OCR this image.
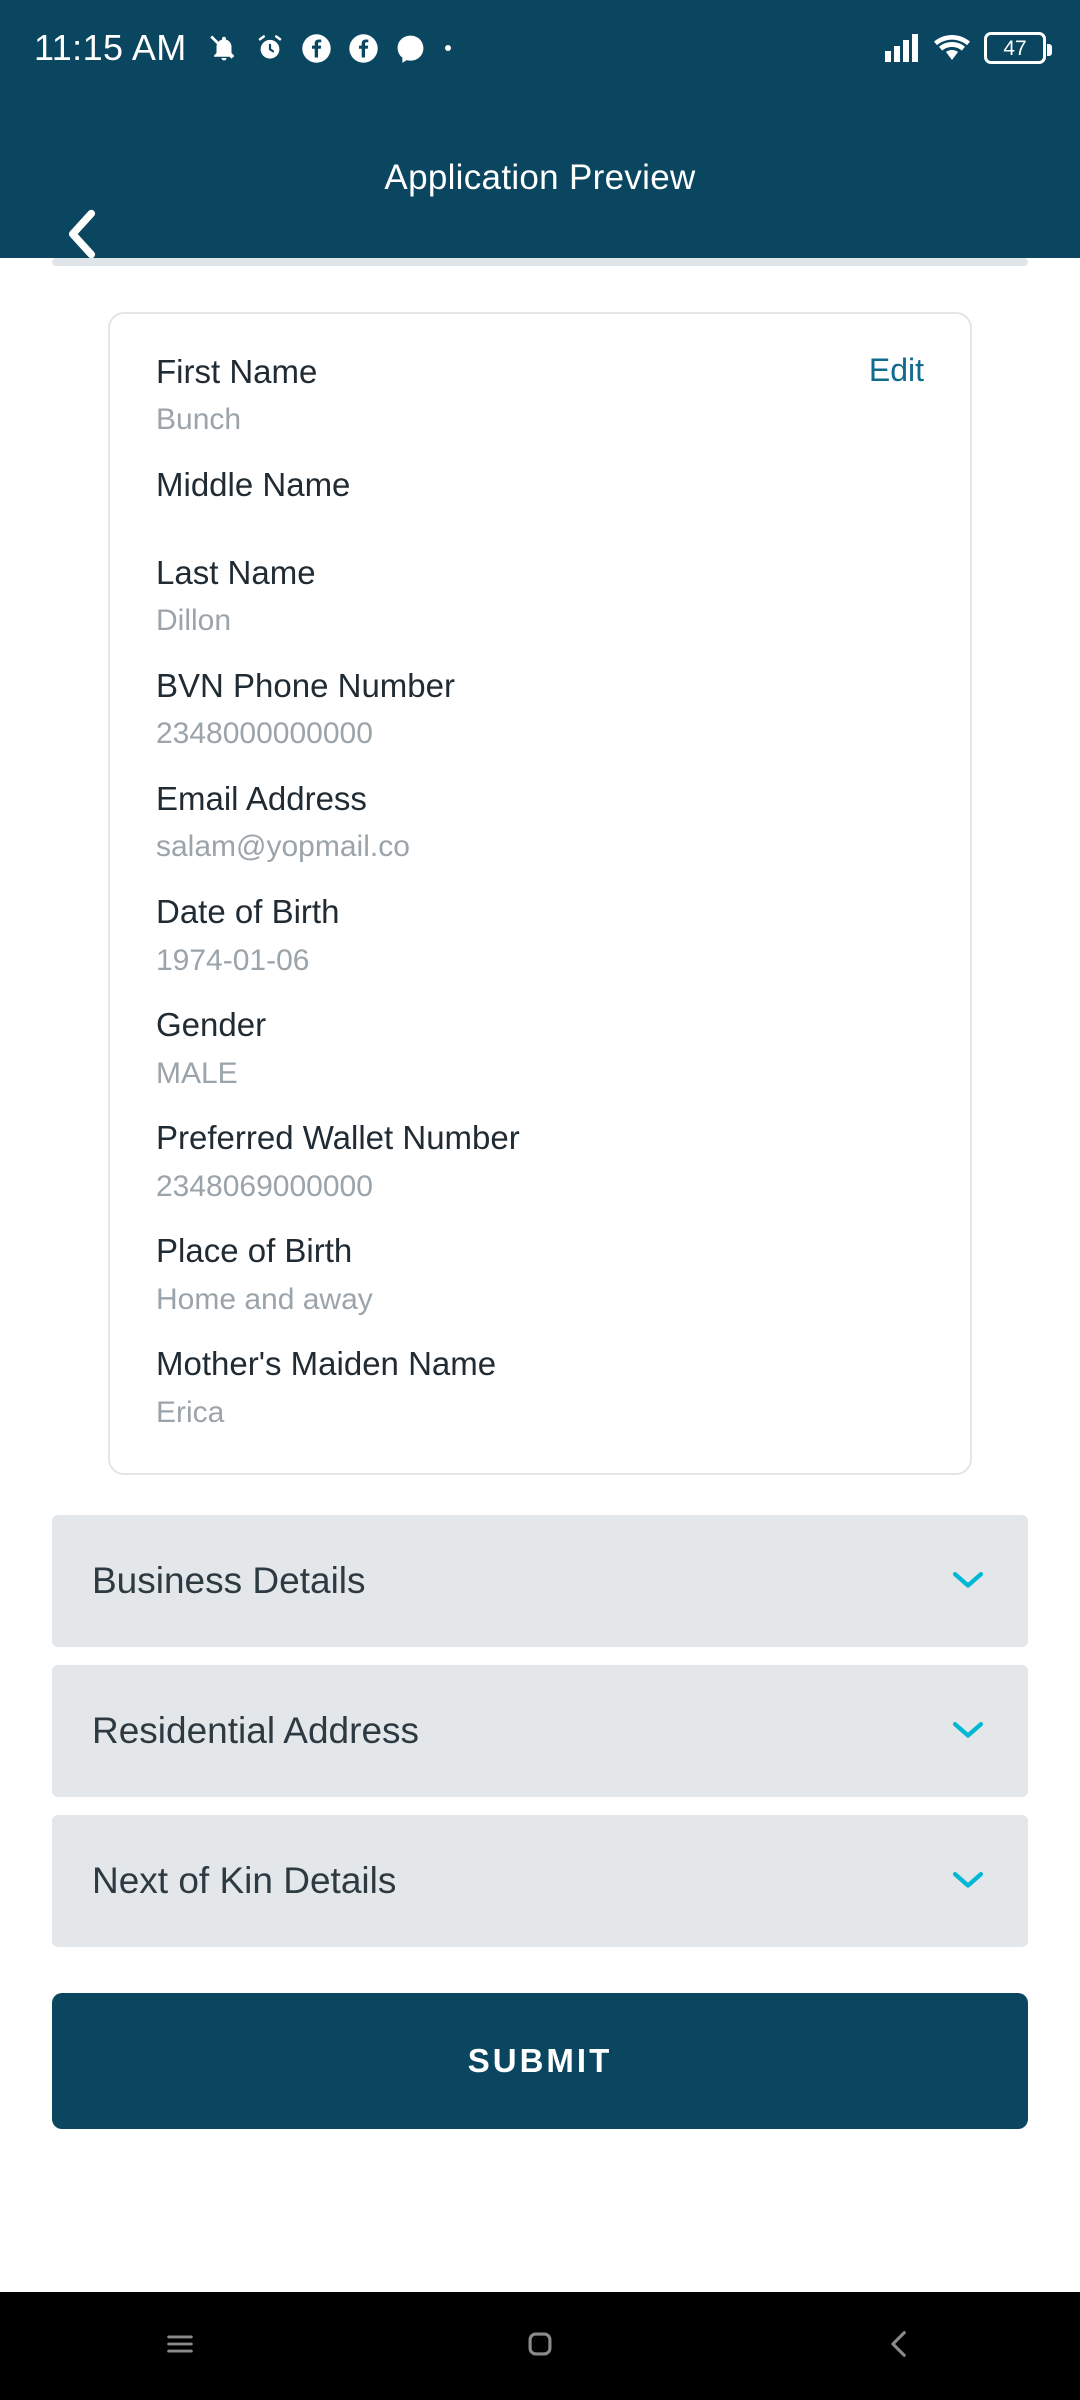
11:15 AM	47
Application Preview
First Name
Bunch
Edit
Middle Name
Last Name
Dillon
BVN Phone Number
2348000000000
Email Address
salam@yopmail.co
Date of Birth
1974-01-06
Gender
MALE
Preferred Wallet Number
2348069000000
Place of Birth
Home and away
Mother's Maiden Name
Erica
Business Details
Residential Address
Next of Kin Details
SUBMIT
